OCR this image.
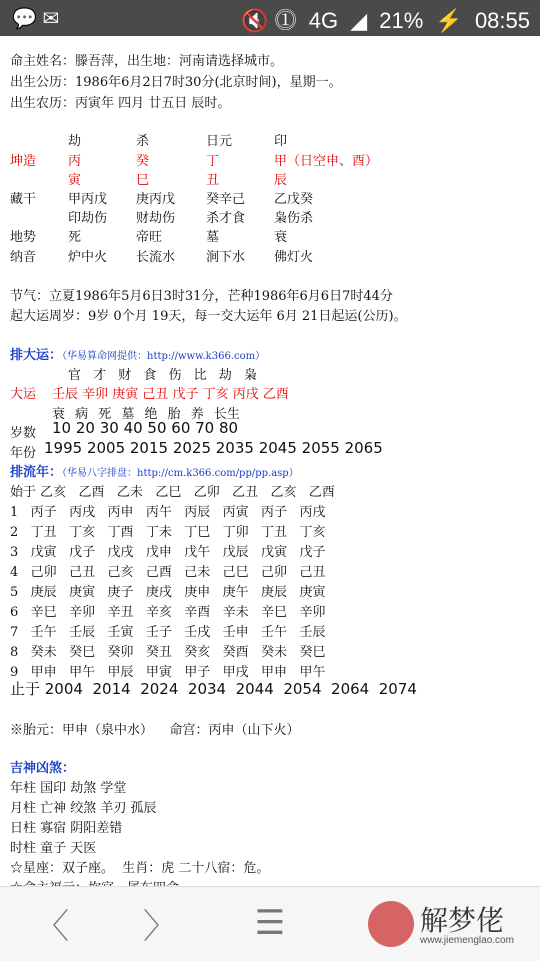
💬 ✉	🔇 ⓵ 4G ◢ 21% ⚡ 08:55
命主姓名：滕吾萍，出生地：河南请选择城市。
出生公历：1986年6月2日7时30分(北京时间)，星期一。
出生农历：丙寅年 四月 廿五日 辰时。
劫	杀	日元	印
坤造 丙	癸	丁	甲（日空申、酉）
寅	巳	丑	辰
藏干 甲丙戊 庚丙戊 癸辛己 乙戊癸
印劫伤 财劫伤 杀才食 枭伤杀
地势 死	帝旺	墓	衰
纳音 炉中火 长流水 涧下水 佛灯火
节气：立夏1986年5月6日3时31分，芒种1986年6月6日7时44分
起大运周岁：9岁 0个月 19天，每一交大运年 6月 21日起运(公历)。
排大运：（华易算命网提供：http://www.k366.com）
官 才 财 食 伤 比 劫 枭
大运 壬辰 辛卯 庚寅 己丑 戊子 丁亥 丙戌 乙酉
衰 病 死 墓 绝 胎 养 长生
岁数 10 20 30 40 50 60 70 80
年份 1995 2005 2015 2025 2035 2045 2055 2065
排流年：（华易八字排盘：http://cm.k366.com/pp/pp.asp）
始于 乙亥   乙酉   乙未   乙巳   乙卯   乙丑   乙亥   乙酉
1   丙子   丙戌   丙申   丙午   丙辰   丙寅   丙子   丙戌
2   丁丑   丁亥   丁酉   丁未   丁巳   丁卯   丁丑   丁亥
3   戊寅   戊子   戊戌   戊申   戊午   戊辰   戊寅   戊子
4   己卯   己丑   己亥   己酉   己未   己巳   己卯   己丑
5   庚辰   庚寅   庚子   庚戌   庚申   庚午   庚辰   庚寅
6   辛巳   辛卯   辛丑   辛亥   辛酉   辛未   辛巳   辛卯
7   壬午   壬辰   壬寅   壬子   壬戌   壬申   壬午   壬辰
8   癸未   癸巳   癸卯   癸丑   癸亥   癸酉   癸未   癸巳
9   甲申   甲午   甲辰   甲寅   甲子   甲戌   甲申   甲午
止于 2004  2014  2024  2034  2044  2054  2064  2074
※胎元：甲申（泉中水）    命宫：丙申（山下火）
吉神凶煞：
年柱 国印 劫煞 学堂
月柱 亡神 绞煞 羊刃 孤辰
日柱 寡宿 阴阳差错
时柱 童子 天医
☆星座：双子座。  生肖：虎 二十八宿：危。
〈	〉	☰	解梦佬
www.jiemenglao.com
